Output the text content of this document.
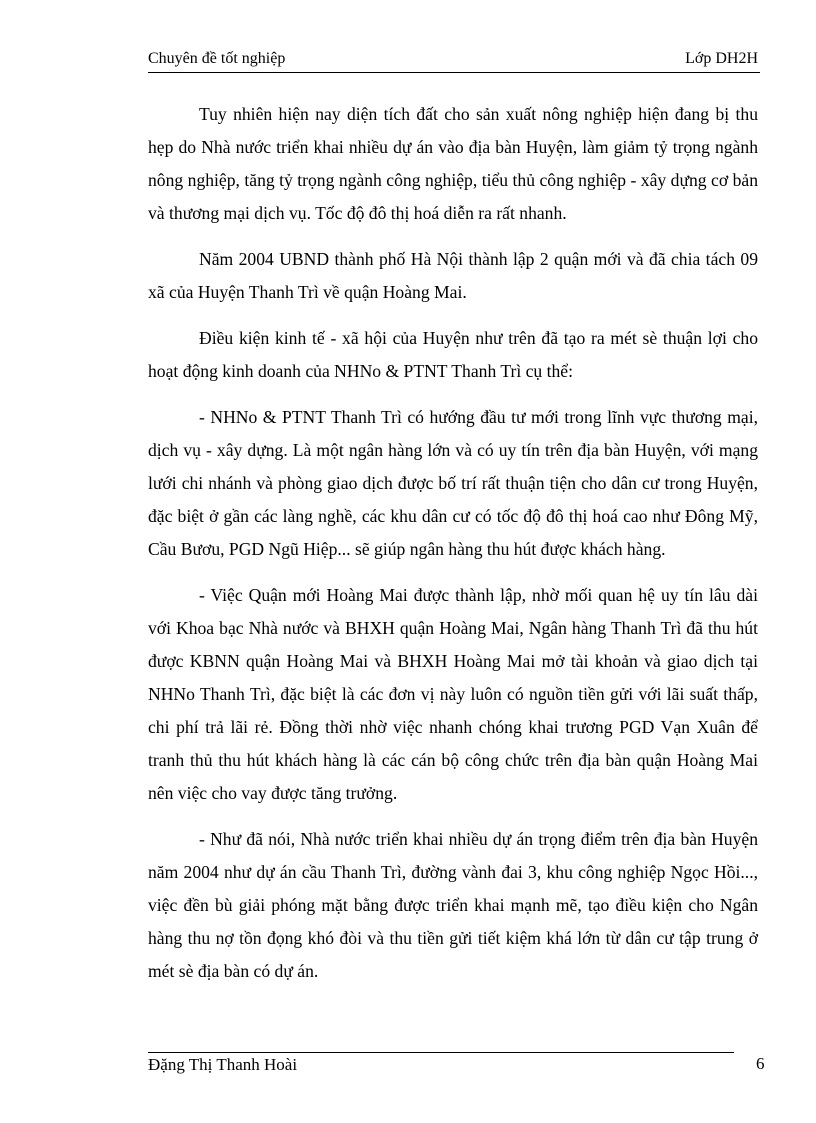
Chuyên đề tốt nghiệp	Lớp DH2H

Tuy nhiên hiện nay diện tích đất cho sản xuất nông nghiệp hiện đang bị thu hẹp do Nhà nước triển khai nhiều dự án vào địa bàn Huyện, làm giảm tỷ trọng ngành nông nghiệp, tăng tỷ trọng ngành công nghiệp, tiểu thủ công nghiệp - xây dựng cơ bản và thương mại dịch vụ. Tốc độ đô thị hoá diễn ra rất nhanh.

Năm 2004 UBND thành phố Hà Nội thành lập 2 quận mới và đã chia tách 09 xã của Huyện Thanh Trì về quận Hoàng Mai.

Điều kiện kinh tế - xã hội của Huyện như trên đã tạo ra mét sè thuận lợi cho hoạt động kinh doanh của NHNo & PTNT Thanh Trì cụ thể:

- NHNo & PTNT Thanh Trì có hướng đầu tư mới trong lĩnh vực thương mại, dịch vụ - xây dựng. Là một ngân hàng lớn và có uy tín trên địa bàn Huyện, với mạng lưới chi nhánh và phòng giao dịch được bố trí rất thuận tiện cho dân cư trong Huyện, đặc biệt ở gần các làng nghề, các khu dân cư có tốc độ đô thị hoá cao như Đông Mỹ, Cầu Bươu, PGD Ngũ Hiệp... sẽ giúp ngân hàng thu hút được khách hàng.

- Việc Quận mới Hoàng Mai được thành lập, nhờ mối quan hệ uy tín lâu dài với Khoa bạc Nhà nước và BHXH quận Hoàng Mai, Ngân hàng Thanh Trì đã thu hút được KBNN quận Hoàng Mai và BHXH Hoàng Mai mở tài khoản và giao dịch tại NHNo Thanh Trì, đặc biệt là các đơn vị này luôn có nguồn tiền gửi với lãi suất thấp, chi phí trả lãi rẻ. Đồng thời nhờ việc nhanh chóng khai trương PGD Vạn Xuân để tranh thủ thu hút khách hàng là các cán bộ công chức trên địa bàn quận Hoàng Mai nên việc cho vay được tăng trưởng.

- Như đã nói, Nhà nước triển khai nhiều dự án trọng điểm trên địa bàn Huyện năm 2004 như dự án cầu Thanh Trì, đường vành đai 3, khu công nghiệp Ngọc Hồi..., việc đền bù giải phóng mặt bằng được triển khai mạnh mẽ, tạo điều kiện cho Ngân hàng thu nợ tồn đọng khó đòi và thu tiền gửi tiết kiệm khá lớn từ dân cư tập trung ở mét sè địa bàn có dự án.

Đặng Thị Thanh Hoài	6
